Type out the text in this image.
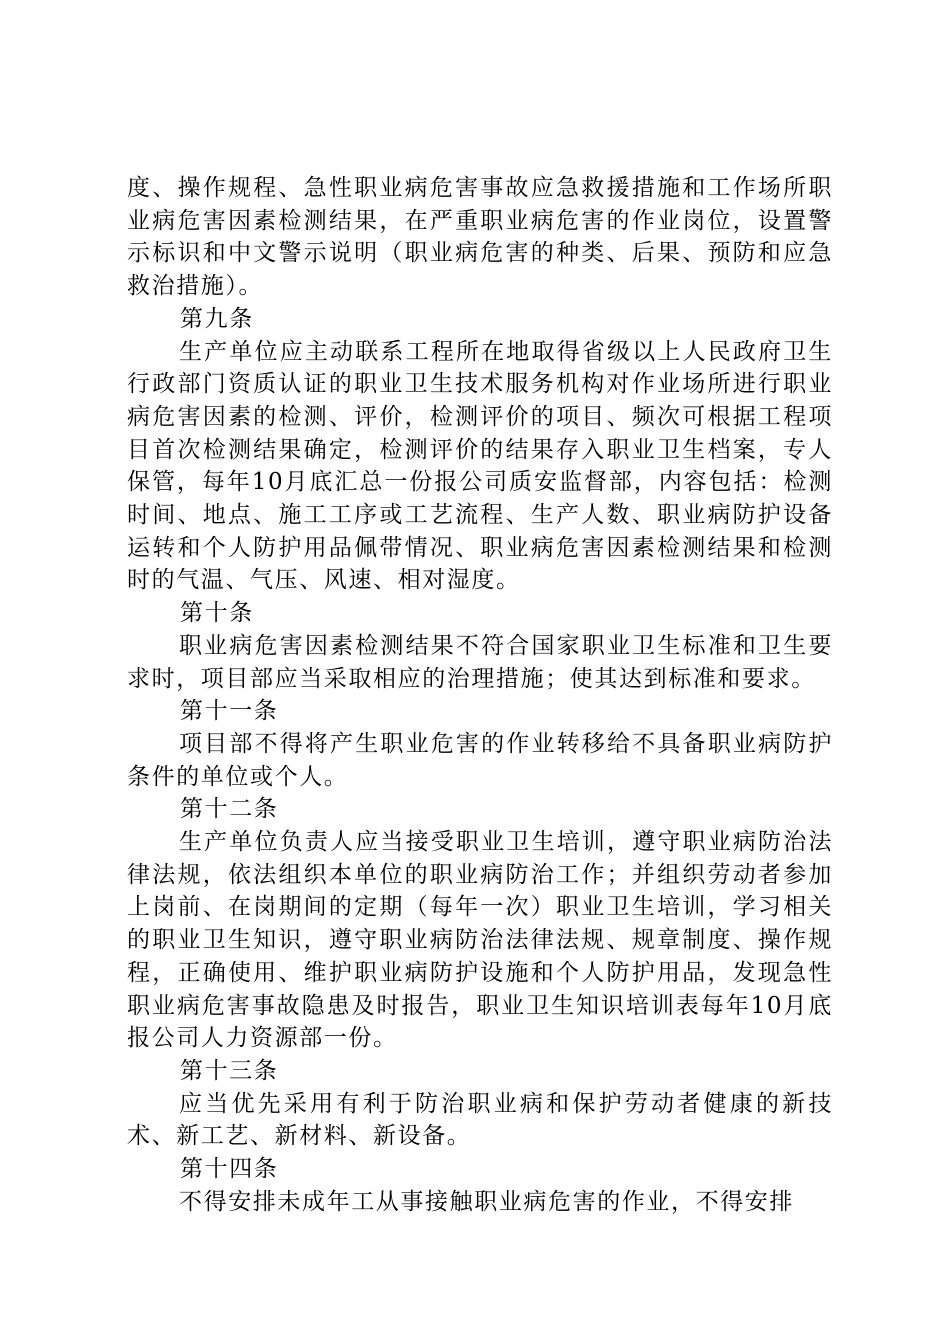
度、操作规程、急性职业病危害事故应急救援措施和工作场所职业病危害因素检测结果，在严重职业病危害的作业岗位，设置警示标识和中文警示说明（职业病危害的种类、后果、预防和应急救治措施）。

第九条

生产单位应主动联系工程所在地取得省级以上人民政府卫生行政部门资质认证的职业卫生技术服务机构对作业场所进行职业病危害因素的检测、评价，检测评价的项目、频次可根据工程项目首次检测结果确定，检测评价的结果存入职业卫生档案，专人保管，每年10月底汇总一份报公司质安监督部，内容包括：检测时间、地点、施工工序或工艺流程、生产人数、职业病防护设备运转和个人防护用品佩带情况、职业病危害因素检测结果和检测时的气温、气压、风速、相对湿度。

第十条

职业病危害因素检测结果不符合国家职业卫生标准和卫生要求时，项目部应当采取相应的治理措施；使其达到标准和要求。

第十一条

项目部不得将产生职业危害的作业转移给不具备职业病防护条件的单位或个人。

第十二条

生产单位负责人应当接受职业卫生培训，遵守职业病防治法律法规，依法组织本单位的职业病防治工作；并组织劳动者参加上岗前、在岗期间的定期（每年一次）职业卫生培训，学习相关的职业卫生知识，遵守职业病防治法律法规、规章制度、操作规程，正确使用、维护职业病防护设施和个人防护用品，发现急性职业病危害事故隐患及时报告，职业卫生知识培训表每年10月底报公司人力资源部一份。

第十三条

应当优先采用有利于防治职业病和保护劳动者健康的新技术、新工艺、新材料、新设备。

第十四条

不得安排未成年工从事接触职业病危害的作业，不得安排
